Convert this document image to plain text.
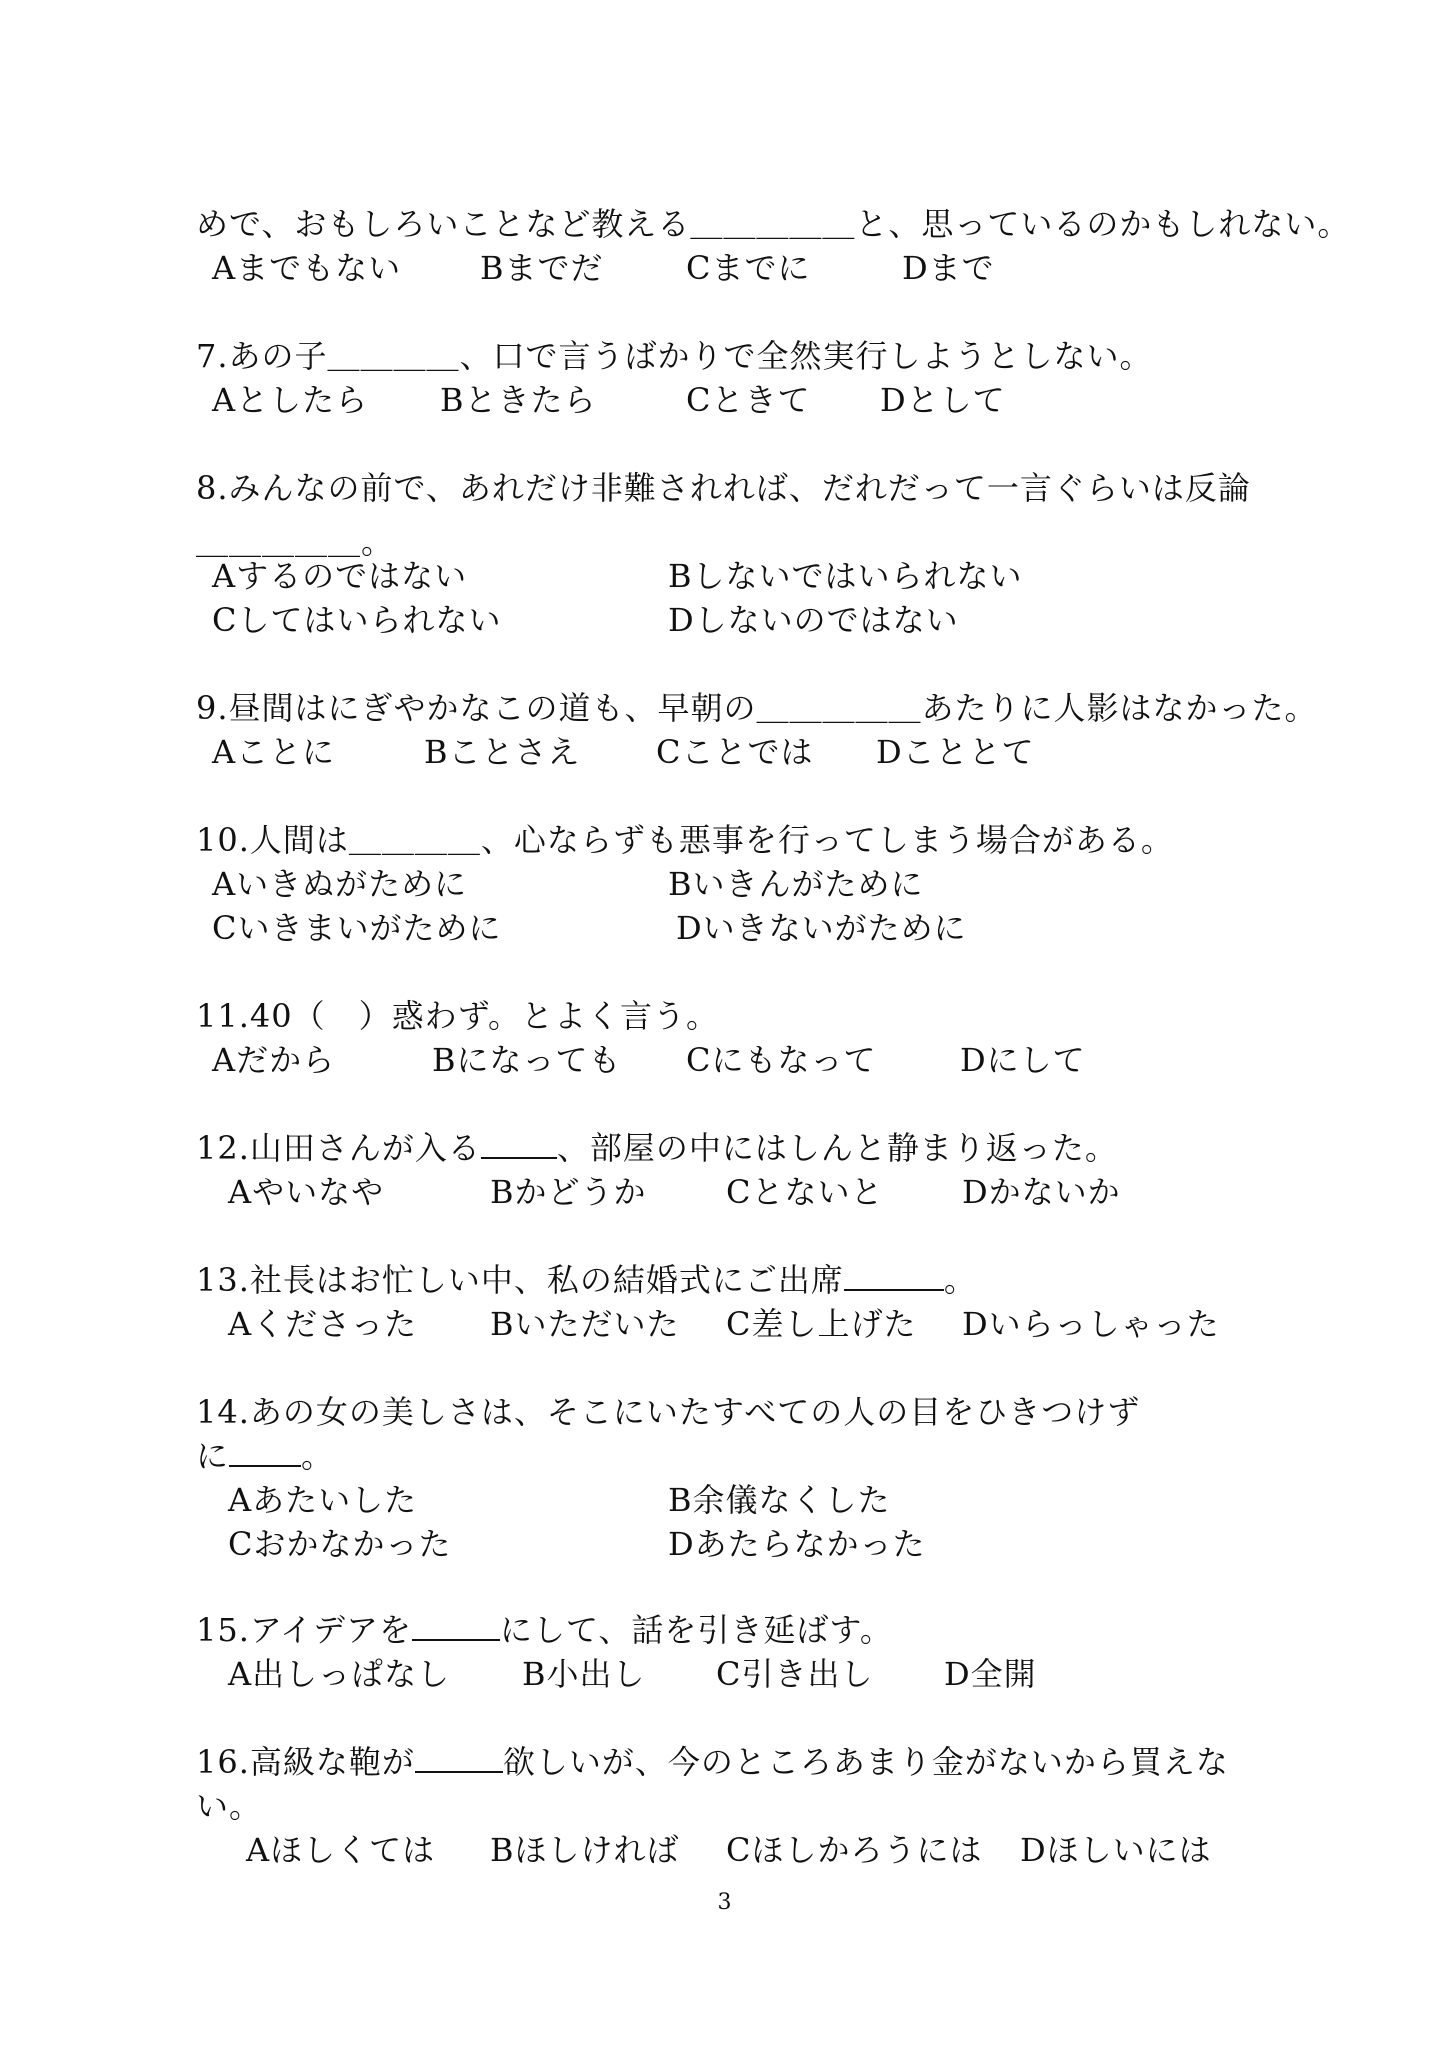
めで、おもしろいことなど教える＿＿＿＿＿と、思っているのかもしれない。
Aまでもない Bまでだ	Cまでに	Dまで
7.あの子＿＿＿＿、口で言うばかりで全然実行しようとしない。
Aとしたら Bときたら	Cときて Dとして
8.みんなの前で、あれだけ非難されれば、だれだって一言ぐらいは反論
＿＿＿＿＿。
Aするのではない	Bしないではいられない
Cしてはいられない	Dしないのではない
9.昼間はにぎやかなこの道も、早朝の＿＿＿＿＿あたりに人影はなかった。
Aことに	Bことさえ Cことでは Dこととて
10.人間は＿＿＿＿、心ならずも悪事を行ってしまう場合がある。
Aいきぬがために	Bいきんがために
Cいきまいがために	Dいきないがために
11.40（　）惑わず。とよく言う。
Aだから	Bになっても Cにもなって	Dにして
12.山田さんが入る 、部屋の中にはしんと静まり返った。
Aやいなや	Bかどうか Cとないと Dかないか
13.社長はお忙しい中、私の結婚式にご出席	。
Aくださった Bいただいた C差し上げた Dいらっしゃった
14.あの女の美しさは、そこにいたすべての人の目をひきつけず
に 。
Aあたいした	B余儀なくした
Cおかなかった	Dあたらなかった
15.アイデアを	にして、話を引き延ばす。
A出しっぱなし B小出し C引き出し D全開
16.高級な鞄が	欲しいが、今のところあまり金がないから買えな
い。
Aほしくては Bほしければ Cほしかろうには Dほしいには
3
